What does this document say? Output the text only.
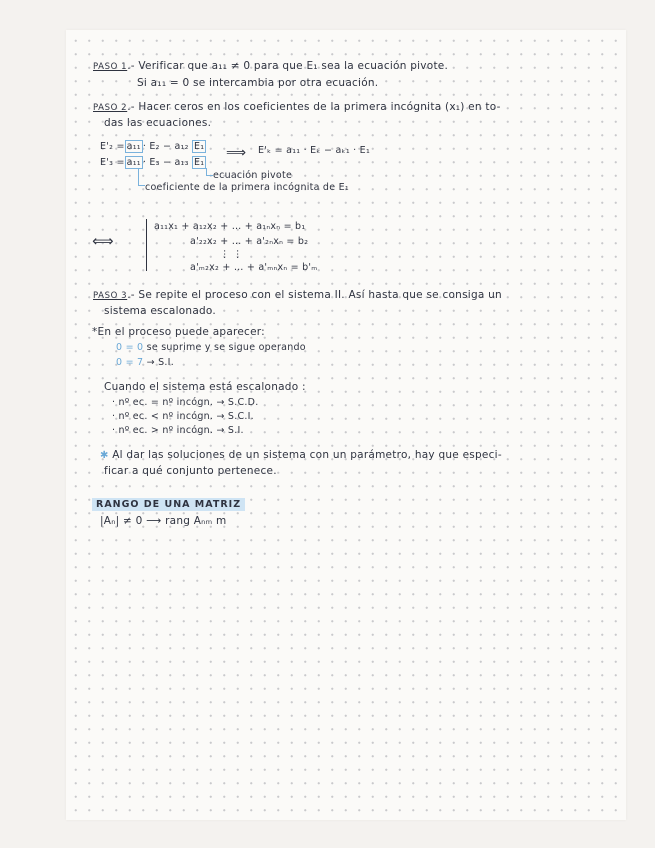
PASO 1.- Verificar que a₁₁ ≠ 0 para que E₁ sea la ecuación pivote.
Si a₁₁ = 0 se intercambia por otra ecuación.
PASO 2.- Hacer ceros en los coeficientes de la primera incógnita (x₁) en to-
das las ecuaciones.
E'₂ = a₁₁ · E₂ − a₁₂ E₁ ⟹ E'ₖ = a₁₁ · Eₖ − aₖ₁ · E₁
E'₃ = a₁₁ · E₃ − a₁₃ E₁
ecuación pivote
coeficiente de la primera incógnita de E₁
⟺
a₁₁x₁ + a₁₂x₂ + … + a₁ₙxₙ = b₁
a'₂₂x₂ + … + a'₂ₙxₙ = b₂
⋮ ⋮
a'ₘ₂x₂ + … + a'ₘₙxₙ = b'ₘ
PASO 3.- Se repite el proceso con el sistema II. Así hasta que se consiga un
sistema escalonado.
*En el proceso puede aparecer:
0 = 0 se suprime y se sigue operando
0 = 7 → S.I.
Cuando el sistema está escalonado :
· nº ec. = nº incógn. → S.C.D.
· nº ec. < nº incógn. → S.C.I.
· nº ec. > nº incógn. → S.I.
✱ Al dar las soluciones de un sistema con un parámetro, hay que especi-
ficar a qué conjunto pertenece.
RANGO DE UNA MATRIZ
|Aₙ| ≠ 0 ⟶ rang Aₙₘ m
